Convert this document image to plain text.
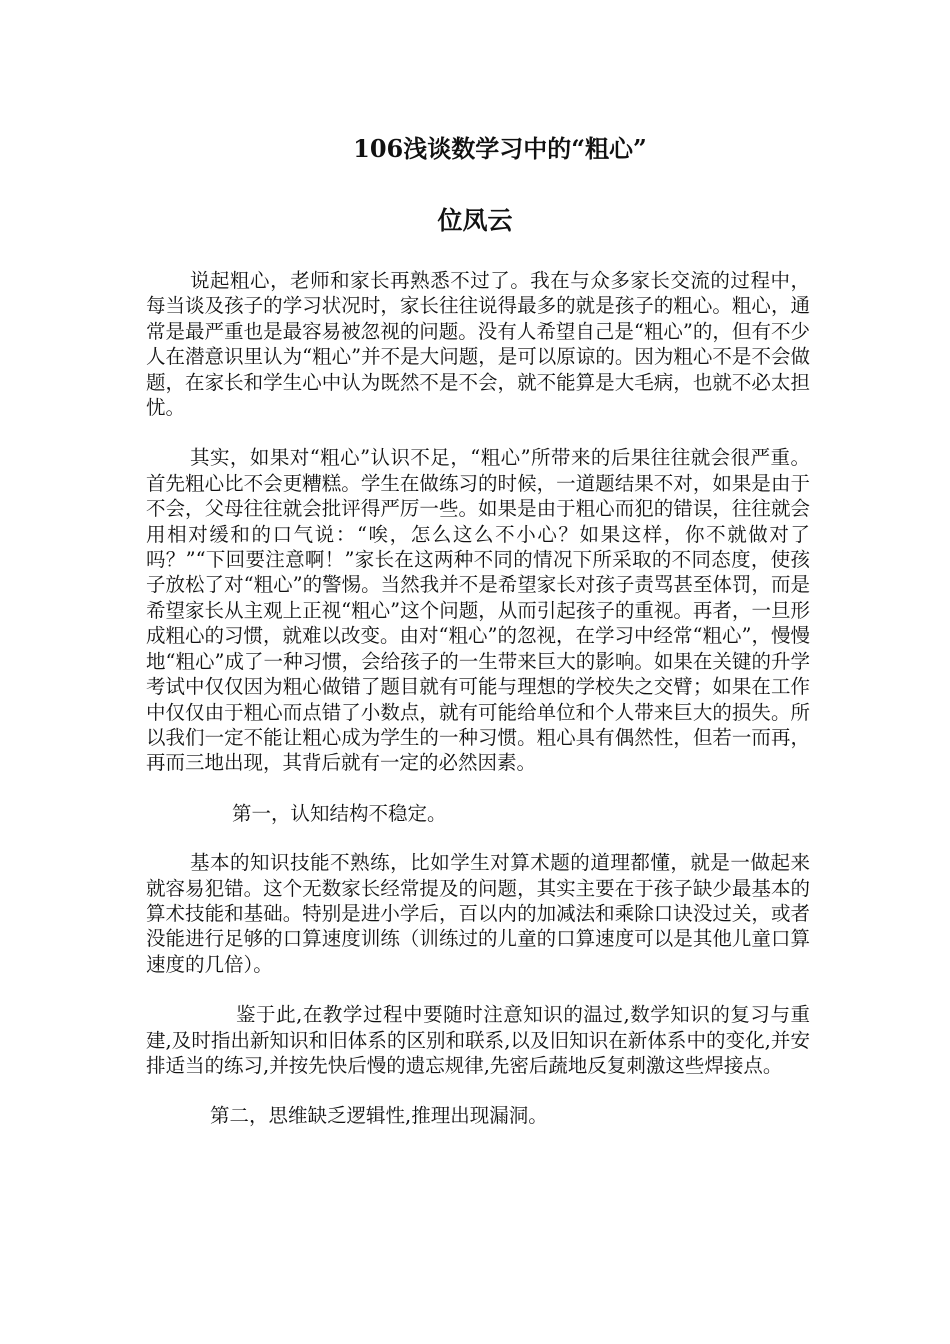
106浅谈数学习中的“粗心”
位凤云

说起粗心，老师和家长再熟悉不过了。我在与众多家长交流的过程中，每当谈及孩子的学习状况时，家长往往说得最多的就是孩子的粗心。粗心，通常是最严重也是最容易被忽视的问题。没有人希望自己是“粗心”的，但有不少人在潜意识里认为“粗心”并不是大问题，是可以原谅的。因为粗心不是不会做题，在家长和学生心中认为既然不是不会，就不能算是大毛病，也就不必太担忧。

其实，如果对“粗心”认识不足，“粗心”所带来的后果往往就会很严重。首先粗心比不会更糟糕。学生在做练习的时候，一道题结果不对，如果是由于不会，父母往往就会批评得严厉一些。如果是由于粗心而犯的错误，往往就会用相对缓和的口气说：“唉，怎么这么不小心？如果这样，你不就做对了吗？”“下回要注意啊！”家长在这两种不同的情况下所采取的不同态度，使孩子放松了对“粗心”的警惕。当然我并不是希望家长对孩子责骂甚至体罚，而是希望家长从主观上正视“粗心”这个问题，从而引起孩子的重视。再者，一旦形成粗心的习惯，就难以改变。由对“粗心”的忽视，在学习中经常“粗心”，慢慢地“粗心”成了一种习惯，会给孩子的一生带来巨大的影响。如果在关键的升学考试中仅仅因为粗心做错了题目就有可能与理想的学校失之交臂；如果在工作中仅仅由于粗心而点错了小数点，就有可能给单位和个人带来巨大的损失。所以我们一定不能让粗心成为学生的一种习惯。粗心具有偶然性，但若一而再，再而三地出现，其背后就有一定的必然因素。

第一，认知结构不稳定。

基本的知识技能不熟练，比如学生对算术题的道理都懂，就是一做起来就容易犯错。这个无数家长经常提及的问题，其实主要在于孩子缺少最基本的算术技能和基础。特别是进小学后，百以内的加减法和乘除口诀没过关，或者没能进行足够的口算速度训练（训练过的儿童的口算速度可以是其他儿童口算速度的几倍）。

鉴于此,在教学过程中要随时注意知识的温过,数学知识的复习与重建,及时指出新知识和旧体系的区别和联系,以及旧知识在新体系中的变化,并安排适当的练习,并按先快后慢的遗忘规律,先密后蔬地反复刺激这些焊接点。

第二，思维缺乏逻辑性,推理出现漏洞。
